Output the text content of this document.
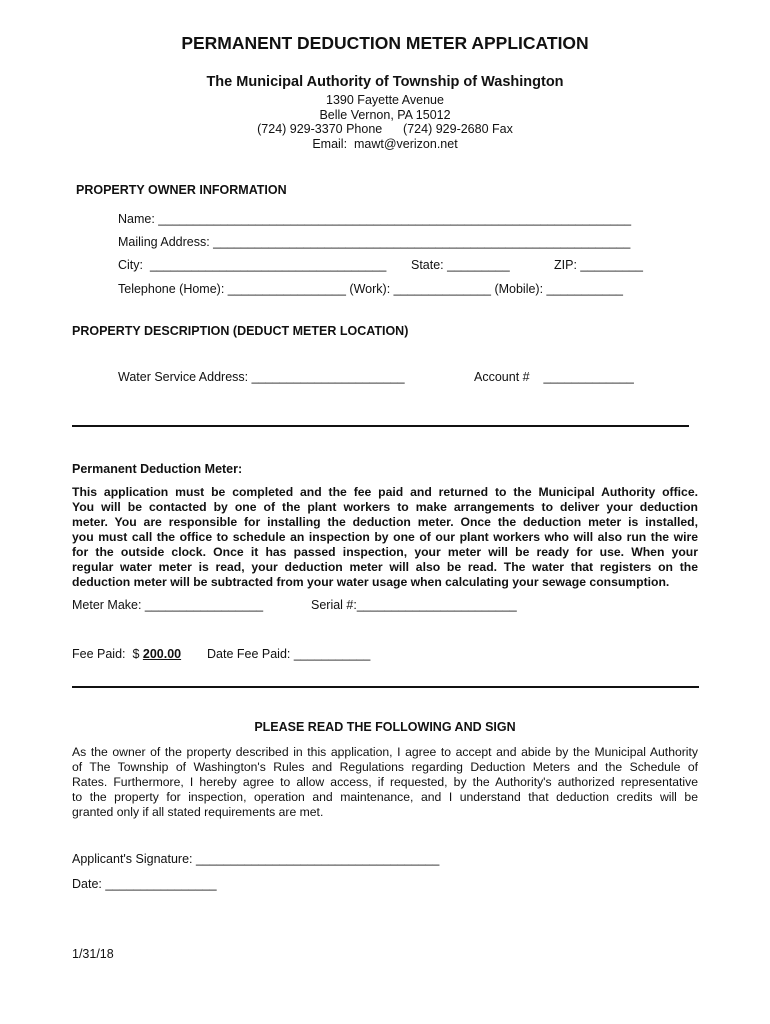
PERMANENT DEDUCTION METER APPLICATION
The Municipal Authority of Township of Washington
1390 Fayette Avenue
Belle Vernon, PA 15012
(724) 929-3370 Phone      (724) 929-2680 Fax
Email:  mawt@verizon.net
PROPERTY OWNER INFORMATION
Name: ____________________________________________________________________
Mailing Address: ____________________________________________________________
City:  __________________________________ State: _________	ZIP: _________
Telephone (Home): _________________ (Work): ______________ (Mobile): ___________
PROPERTY DESCRIPTION (DEDUCT METER LOCATION)
Water Service Address: ______________________	Account #    _____________
Permanent Deduction Meter:
This application must be completed and the fee paid and returned to the Municipal Authority office.
You will be contacted by one of the plant workers to make arrangements to deliver your deduction
meter. You are responsible for installing the deduction meter. Once the deduction meter is installed,
you must call the office to schedule an inspection by one of our plant workers who will also run the wire
for the outside clock. Once it has passed inspection, your meter will be ready for use. When your
regular water meter is read, your deduction meter will also be read. The water that registers on the
deduction meter will be subtracted from your water usage when calculating your sewage consumption.
Meter Make: _________________	Serial #:_______________________
Fee Paid:  $ 200.00 Date Fee Paid: ___________
PLEASE READ THE FOLLOWING AND SIGN
As the owner of the property described in this application, I agree to accept and abide by the Municipal Authority
of The Township of Washington's Rules and Regulations regarding Deduction Meters and the Schedule of
Rates. Furthermore, I hereby agree to allow access, if requested, by the Authority's authorized representative
to the property for inspection, operation and maintenance, and I understand that deduction credits will be
granted only if all stated requirements are met.
Applicant's Signature: ___________________________________
Date: ________________
1/31/18
